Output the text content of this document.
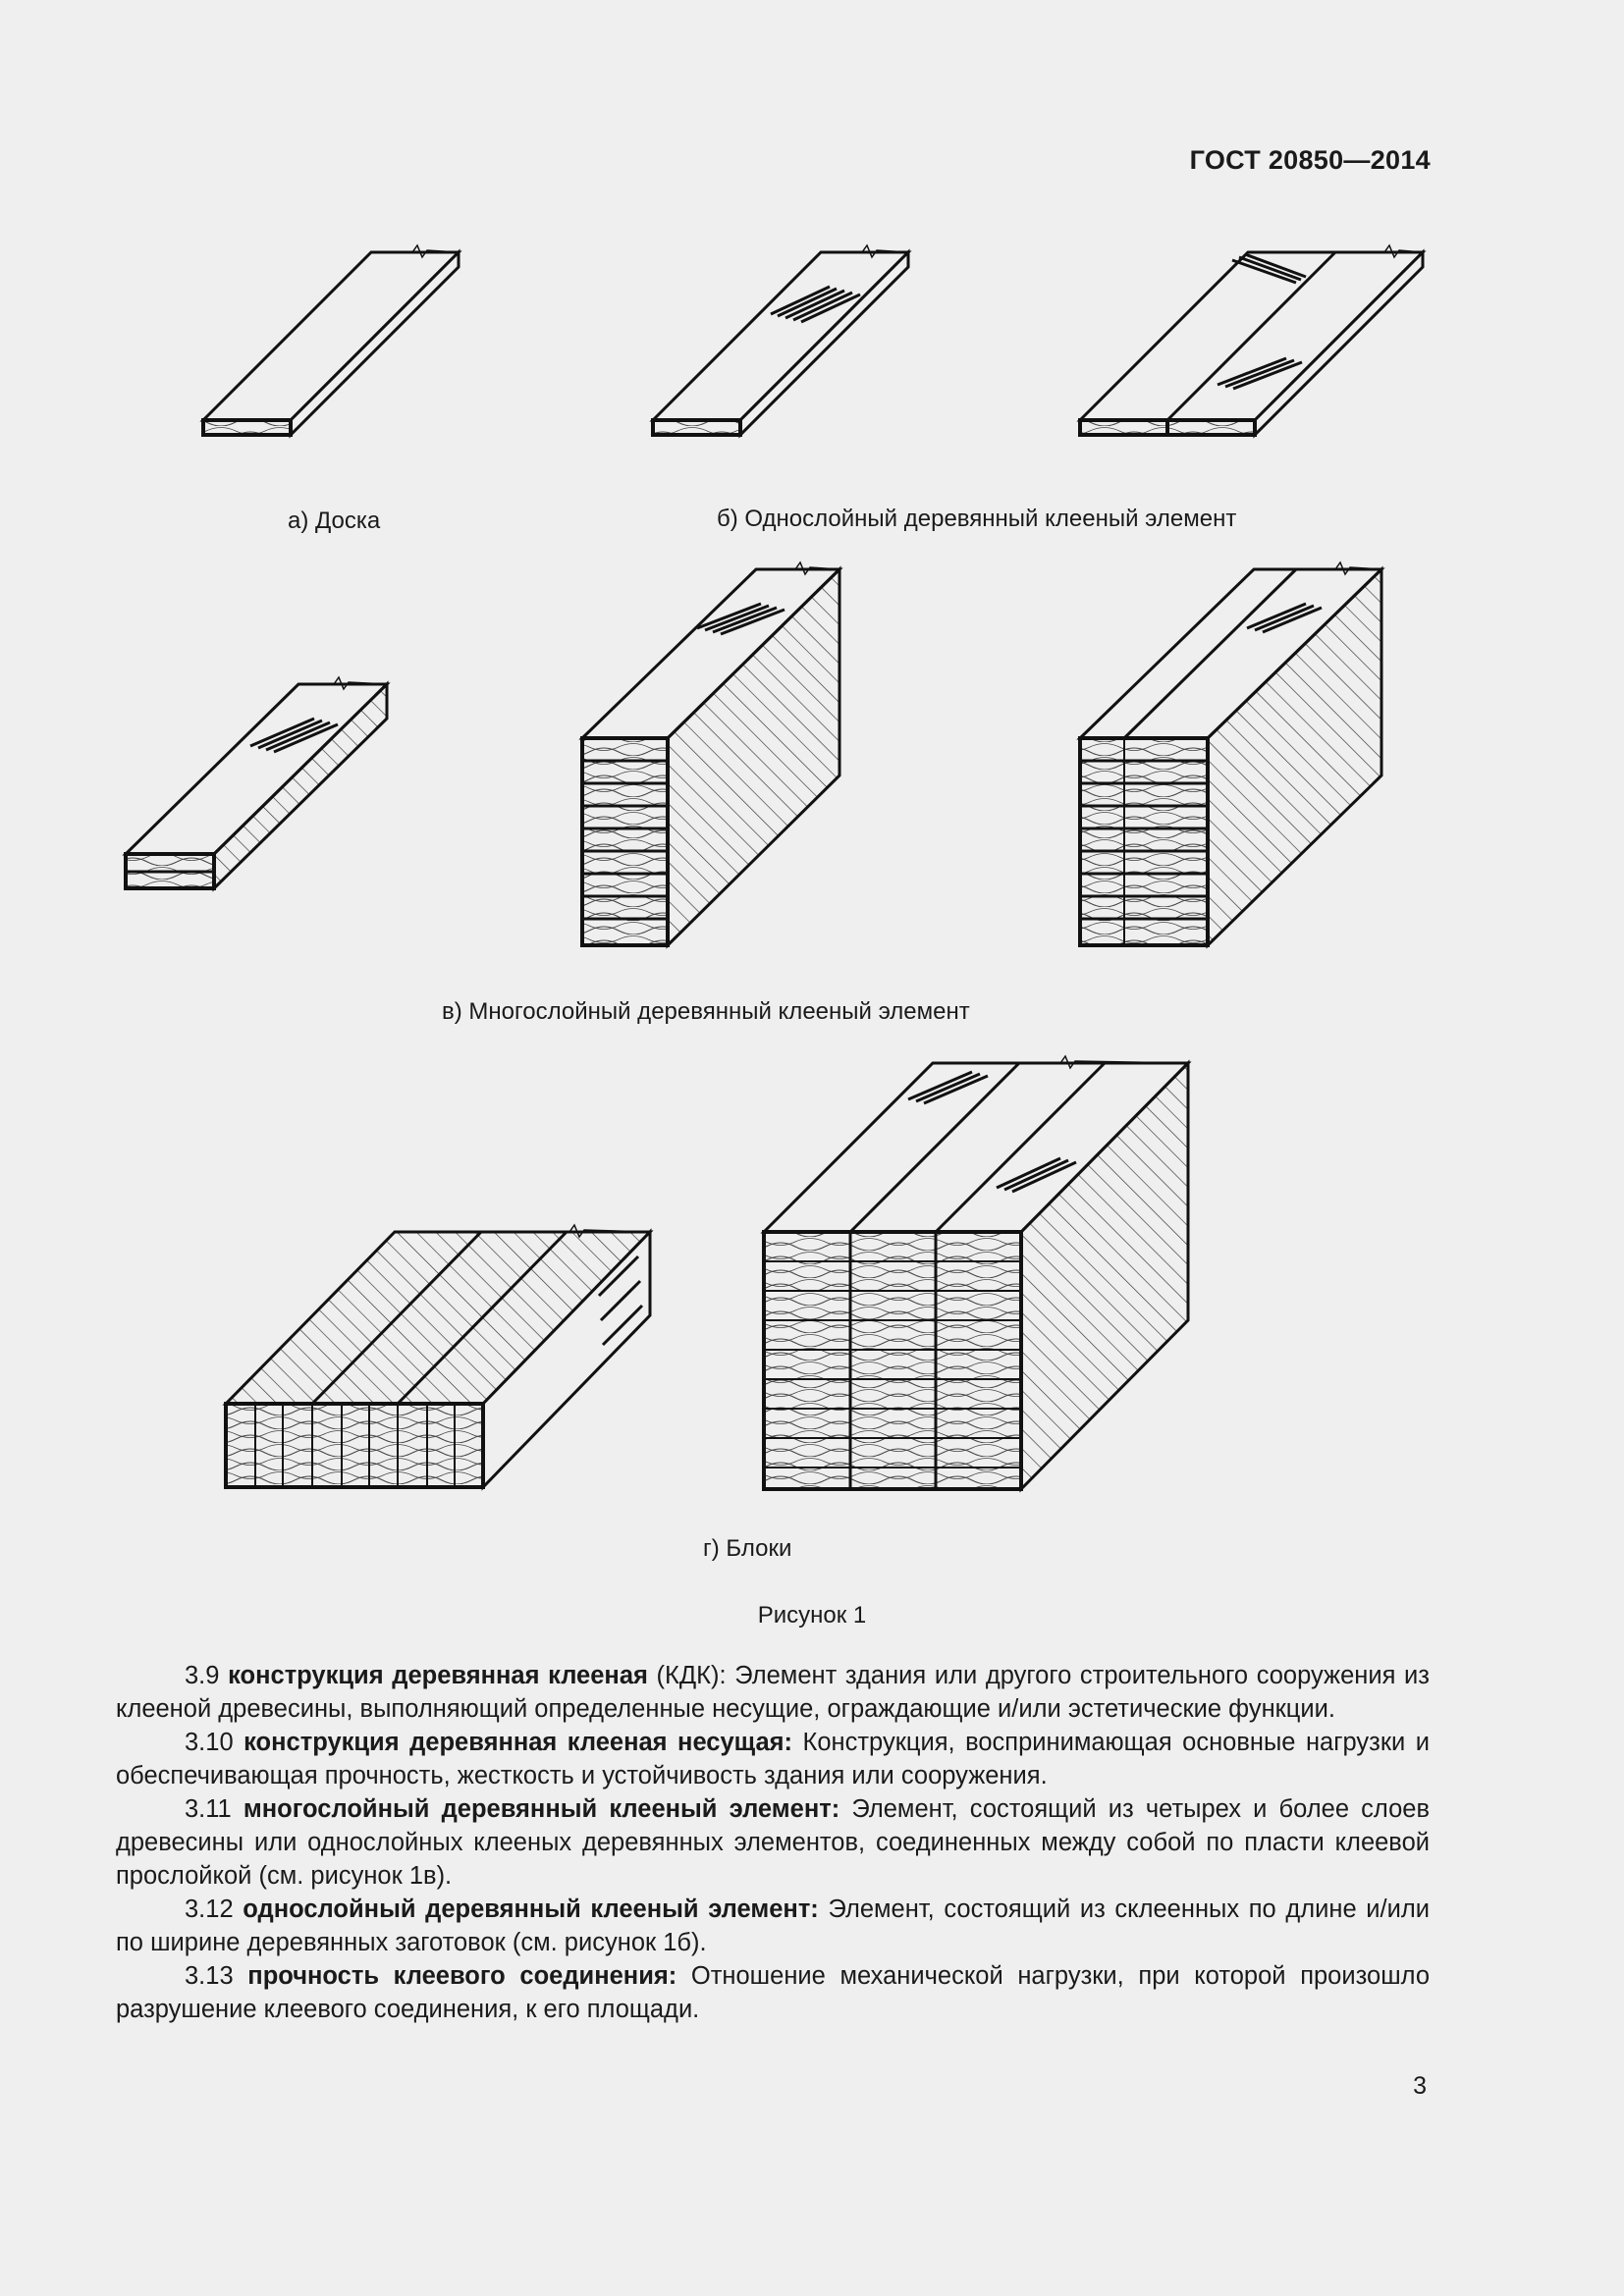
ГОСТ 20850—2014
а) Доска	б) Однослойный деревянный клееный элемент
в) Многослойный деревянный клееный элемент
г) Блоки
Рисунок 1

3.9 конструкция деревянная клееная (КДК): Элемент здания или другого строительного сооружения из клееной древесины, выполняющий определенные несущие, ограждающие и/или эстетические функции.

3.10 конструкция деревянная клееная несущая: Конструкция, воспринимающая основные нагрузки и обеспечивающая прочность, жесткость и устойчивость здания или сооружения.

3.11 многослойный деревянный клееный элемент: Элемент, состоящий из четырех и более слоев древесины или однослойных клееных деревянных элементов, соединенных между собой по пласти клеевой прослойкой (см. рисунок 1в).

3.12 однослойный деревянный клееный элемент: Элемент, состоящий из склеенных по длине и/или по ширине деревянных заготовок (см. рисунок 1б).

3.13 прочность клеевого соединения: Отношение механической нагрузки, при которой произошло разрушение клеевого соединения, к его площади.

3
